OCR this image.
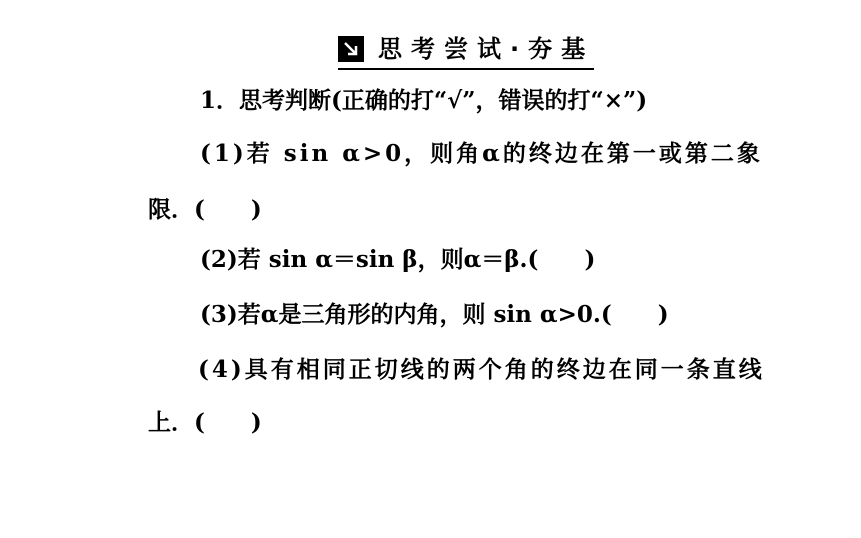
思考尝试·夯基
1．思考判断(正确的打“√”，错误的打“×”)
(1)若 sin α>0，则角α的终边在第一或第二象
限．(　　)
(2)若 sin α＝sin β，则α＝β.(　　)
(3)若α是三角形的内角，则 sin α>0.(　　)
(4)具有相同正切线的两个角的终边在同一条直线
上．(　　)
